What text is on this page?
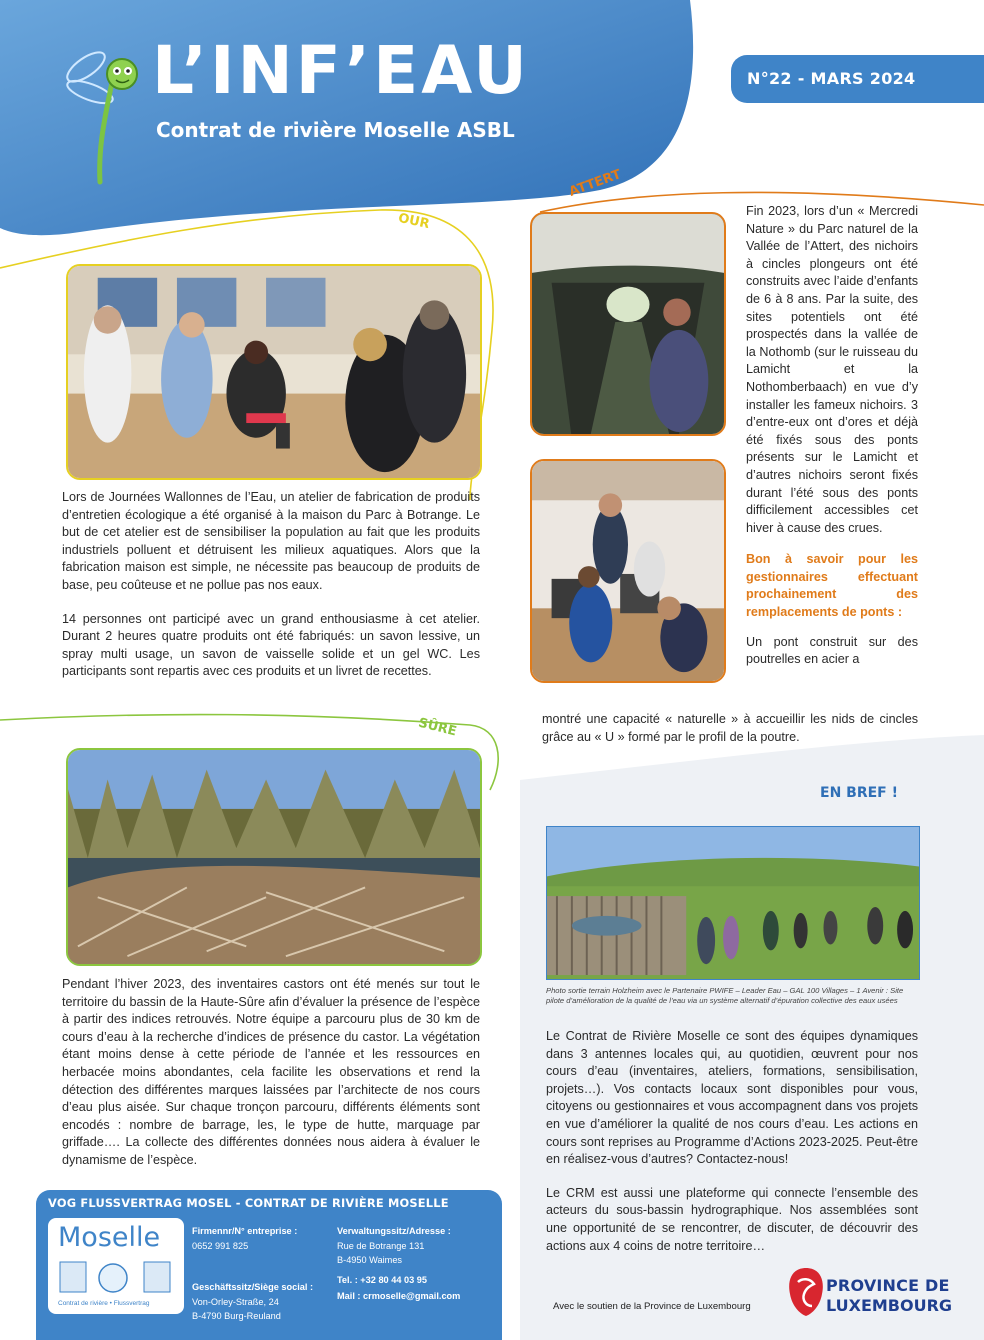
L’INF’EAU
Contrat de rivière Moselle ASBL
N°22 - MARS 2024
OUR
ATTERT
SÛRE

Lors de Journées Wallonnes de l’Eau, un atelier de fabrication de produits d’entretien écologique a été organisé à la maison du Parc à Botrange. Le but de cet atelier est de sensibiliser la population au fait que les produits industriels polluent et détruisent les milieux aquatiques. Alors que la fabrication maison est simple, ne nécessite pas beaucoup de produits de base, peu coûteuse et ne pollue pas nos eaux.

14 personnes ont participé avec un grand enthousiasme à cet atelier. Durant 2 heures quatre produits ont été fabriqués: un savon lessive, un spray multi usage, un savon de vaisselle solide et un gel WC. Les participants sont repartis avec ces produits et un livret de recettes.

Fin 2023, lors d’un « Mercredi Nature » du Parc naturel de la Vallée de l’Attert, des nichoirs à cincles plongeurs ont été construits avec l’aide d’enfants de 6 à 8 ans. Par la suite, des sites potentiels ont été prospectés dans la vallée de la Nothomb (sur le ruisseau du Lamicht et la Nothomberbaach) en vue d’y installer les fameux nichoirs. 3 d’entre-eux ont d’ores et déjà été fixés sous des ponts présents sur le Lamicht et d’autres nichoirs seront fixés durant l’été sous des ponts difficilement accessibles cet hiver à cause des crues.

Bon à savoir pour les gestionnaires effectuant prochainement des remplacements de ponts :

Un pont construit sur des poutrelles en acier a

montré une capacité « naturelle » à accueillir les nids de cincles grâce au « U » formé par le profil de la poutre.

Pendant l’hiver 2023, des inventaires castors ont été menés sur tout le territoire du bassin de la Haute-Sûre afin d’évaluer la présence de l’espèce à partir des indices retrouvés. Notre équipe a parcouru plus de 30 km de cours d’eau à la recherche d’indices de présence du castor. La végétation étant moins dense à cette période de l’année et les ressources en herbacée moins abondantes, cela facilite les observations et rend la détection des différentes marques laissées par l’architecte de nos cours d’eau plus aisée. Sur chaque tronçon parcouru, différents éléments sont encodés : nombre de barrage, les, le type de hutte, marquage par griffade…. La collecte des différentes données nous aidera à évaluer le dynamisme de l’espèce.

EN BREF !
Photo sortie terrain Holzheim avec le Partenaire PWIFE – Leader Eau – GAL 100 Villages – 1 Avenir : Site pilote d’amélioration de la qualité de l’eau via un système alternatif d’épuration collective des eaux usées

Le Contrat de Rivière Moselle ce sont des équipes dynamiques dans 3 antennes locales qui, au quotidien, œuvrent pour nos cours d’eau (inventaires, ateliers, formations, sensibilisation, projets…). Vos contacts locaux sont disponibles pour vous, citoyens ou gestionnaires et vous accompagnent dans vos projets en vue d’améliorer la qualité de nos cours d’eau. Les actions en cours sont reprises au Programme d’Actions 2023-2025. Peut-être en réalisez-vous d’autres? Contactez-nous!

Le CRM est aussi une plateforme qui connecte l’ensemble des acteurs du sous-bassin hydrographique. Nos assemblées sont une opportunité de se rencontrer, de discuter, de découvrir des actions aux 4 coins de notre territoire…

VOG FLUSSVERTRAG MOSEL - CONTRAT DE RIVIÈRE MOSELLE
Moselle
Contrat de rivière • Flussvertrag
Firmennr/N° entreprise :
0652 991 825
Geschäftssitz/Siège social :
Von-Orley-Straße, 24
B-4790 Burg-Reuland
Verwaltungssitz/Adresse :
Rue de Botrange 131
B-4950 Waimes
Tel. : +32 80 44 03 95
Mail : crmoselle@gmail.com
Avec le soutien de la Province de Luxembourg
PROVINCE DE
LUXEMBOURG
